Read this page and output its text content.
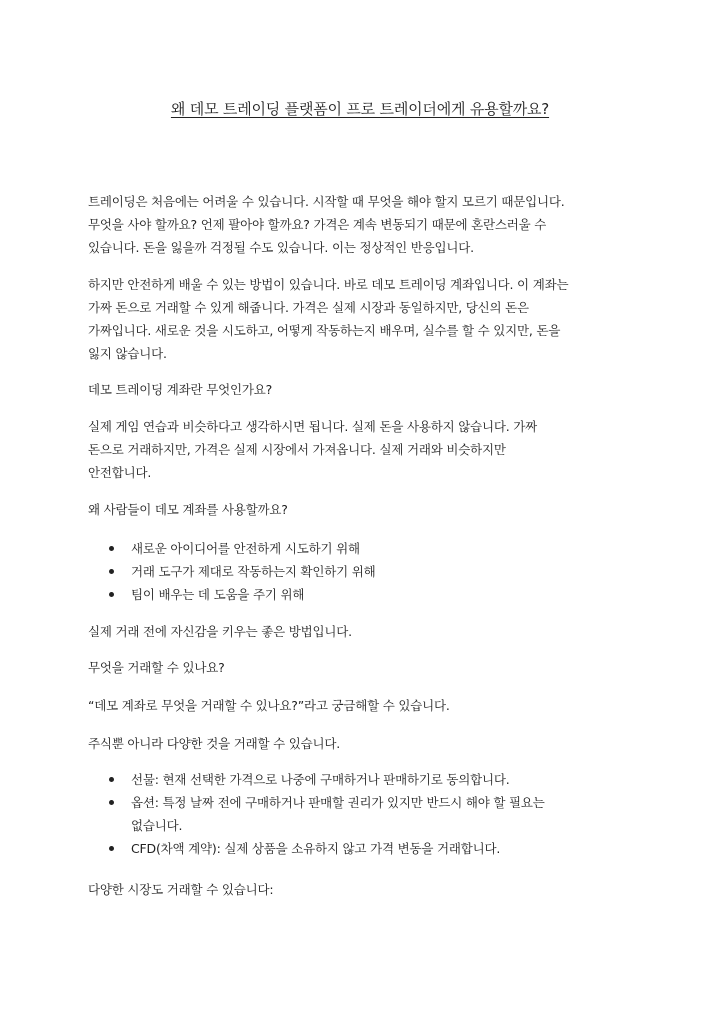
왜 데모 트레이딩 플랫폼이 프로 트레이더에게 유용할까요?

트레이딩은 처음에는 어려울 수 있습니다. 시작할 때 무엇을 해야 할지 모르기 때문입니다.
무엇을 사야 할까요? 언제 팔아야 할까요? 가격은 계속 변동되기 때문에 혼란스러울 수
있습니다. 돈을 잃을까 걱정될 수도 있습니다. 이는 정상적인 반응입니다.

하지만 안전하게 배울 수 있는 방법이 있습니다. 바로 데모 트레이딩 계좌입니다. 이 계좌는
가짜 돈으로 거래할 수 있게 해줍니다. 가격은 실제 시장과 동일하지만, 당신의 돈은
가짜입니다. 새로운 것을 시도하고, 어떻게 작동하는지 배우며, 실수를 할 수 있지만, 돈을
잃지 않습니다.

데모 트레이딩 계좌란 무엇인가요?

실제 게임 연습과 비슷하다고 생각하시면 됩니다. 실제 돈을 사용하지 않습니다. 가짜
돈으로 거래하지만, 가격은 실제 시장에서 가져옵니다. 실제 거래와 비슷하지만
안전합니다.

왜 사람들이 데모 계좌를 사용할까요?

새로운 아이디어를 안전하게 시도하기 위해
거래 도구가 제대로 작동하는지 확인하기 위해
팀이 배우는 데 도움을 주기 위해

실제 거래 전에 자신감을 키우는 좋은 방법입니다.

무엇을 거래할 수 있나요?

“데모 계좌로 무엇을 거래할 수 있나요?”라고 궁금해할 수 있습니다.

주식뿐 아니라 다양한 것을 거래할 수 있습니다.

선물: 현재 선택한 가격으로 나중에 구매하거나 판매하기로 동의합니다.
옵션: 특정 날짜 전에 구매하거나 판매할 권리가 있지만 반드시 해야 할 필요는
없습니다.
CFD(차액 계약): 실제 상품을 소유하지 않고 가격 변동을 거래합니다.

다양한 시장도 거래할 수 있습니다:
